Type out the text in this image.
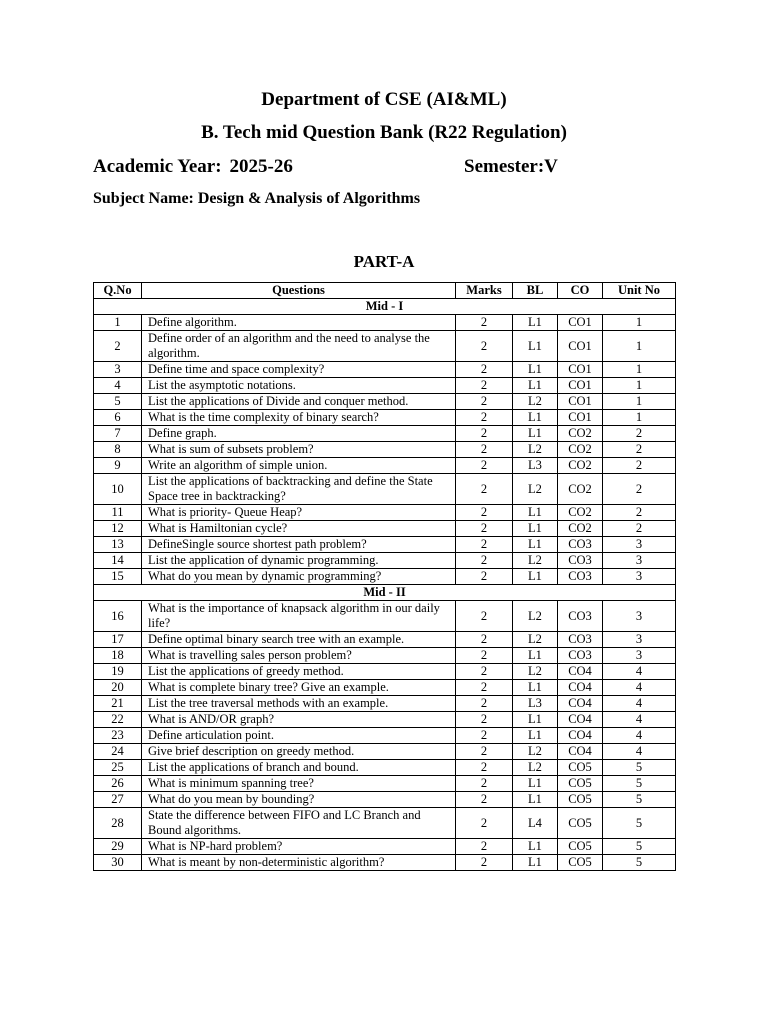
Department of CSE (AI&ML)
B. Tech mid Question Bank (R22 Regulation)
Academic Year: 2025-26	Semester:V
Subject Name: Design & Analysis of Algorithms
PART-A
Q.No	Questions	Marks	BL	CO	Unit No
Mid - I					
1	Define algorithm.	2	L1	CO1	1
2	Define order of an algorithm and the need to analyse the algorithm.	2	L1	CO1	1
3	Define time and space complexity?	2	L1	CO1	1
4	List the asymptotic notations.	2	L1	CO1	1
5	List the applications of Divide and conquer method.	2	L2	CO1	1
6	What is the time complexity of binary search?	2	L1	CO1	1
7	Define graph.	2	L1	CO2	2
8	What is sum of subsets problem?	2	L2	CO2	2
9	Write an algorithm of simple union.	2	L3	CO2	2
10	List the applications of backtracking and define the State Space tree in backtracking?	2	L2	CO2	2
11	What is priority- Queue Heap?	2	L1	CO2	2
12	What is Hamiltonian cycle?	2	L1	CO2	2
13	DefineSingle source shortest path problem?	2	L1	CO3	3
14	List the application of dynamic programming.	2	L2	CO3	3
15	What do you mean by dynamic programming?	2	L1	CO3	3
Mid - II					
16	What is the importance of knapsack algorithm in our daily life?	2	L2	CO3	3
17	Define optimal binary search tree with an example.	2	L2	CO3	3
18	What is travelling sales person problem?	2	L1	CO3	3
19	List the applications of greedy method.	2	L2	CO4	4
20	What is complete binary tree? Give an example.	2	L1	CO4	4
21	List the tree traversal methods with an example.	2	L3	CO4	4
22	What is AND/OR graph?	2	L1	CO4	4
23	Define articulation point.	2	L1	CO4	4
24	Give brief description on greedy method.	2	L2	CO4	4
25	List the applications of branch and bound.	2	L2	CO5	5
26	What is minimum spanning tree?	2	L1	CO5	5
27	What do you mean by bounding?	2	L1	CO5	5
28	State the difference between FIFO and LC Branch and Bound algorithms.	2	L4	CO5	5
29	What is NP-hard problem?	2	L1	CO5	5
30	What is meant by non-deterministic algorithm?	2	L1	CO5	5
